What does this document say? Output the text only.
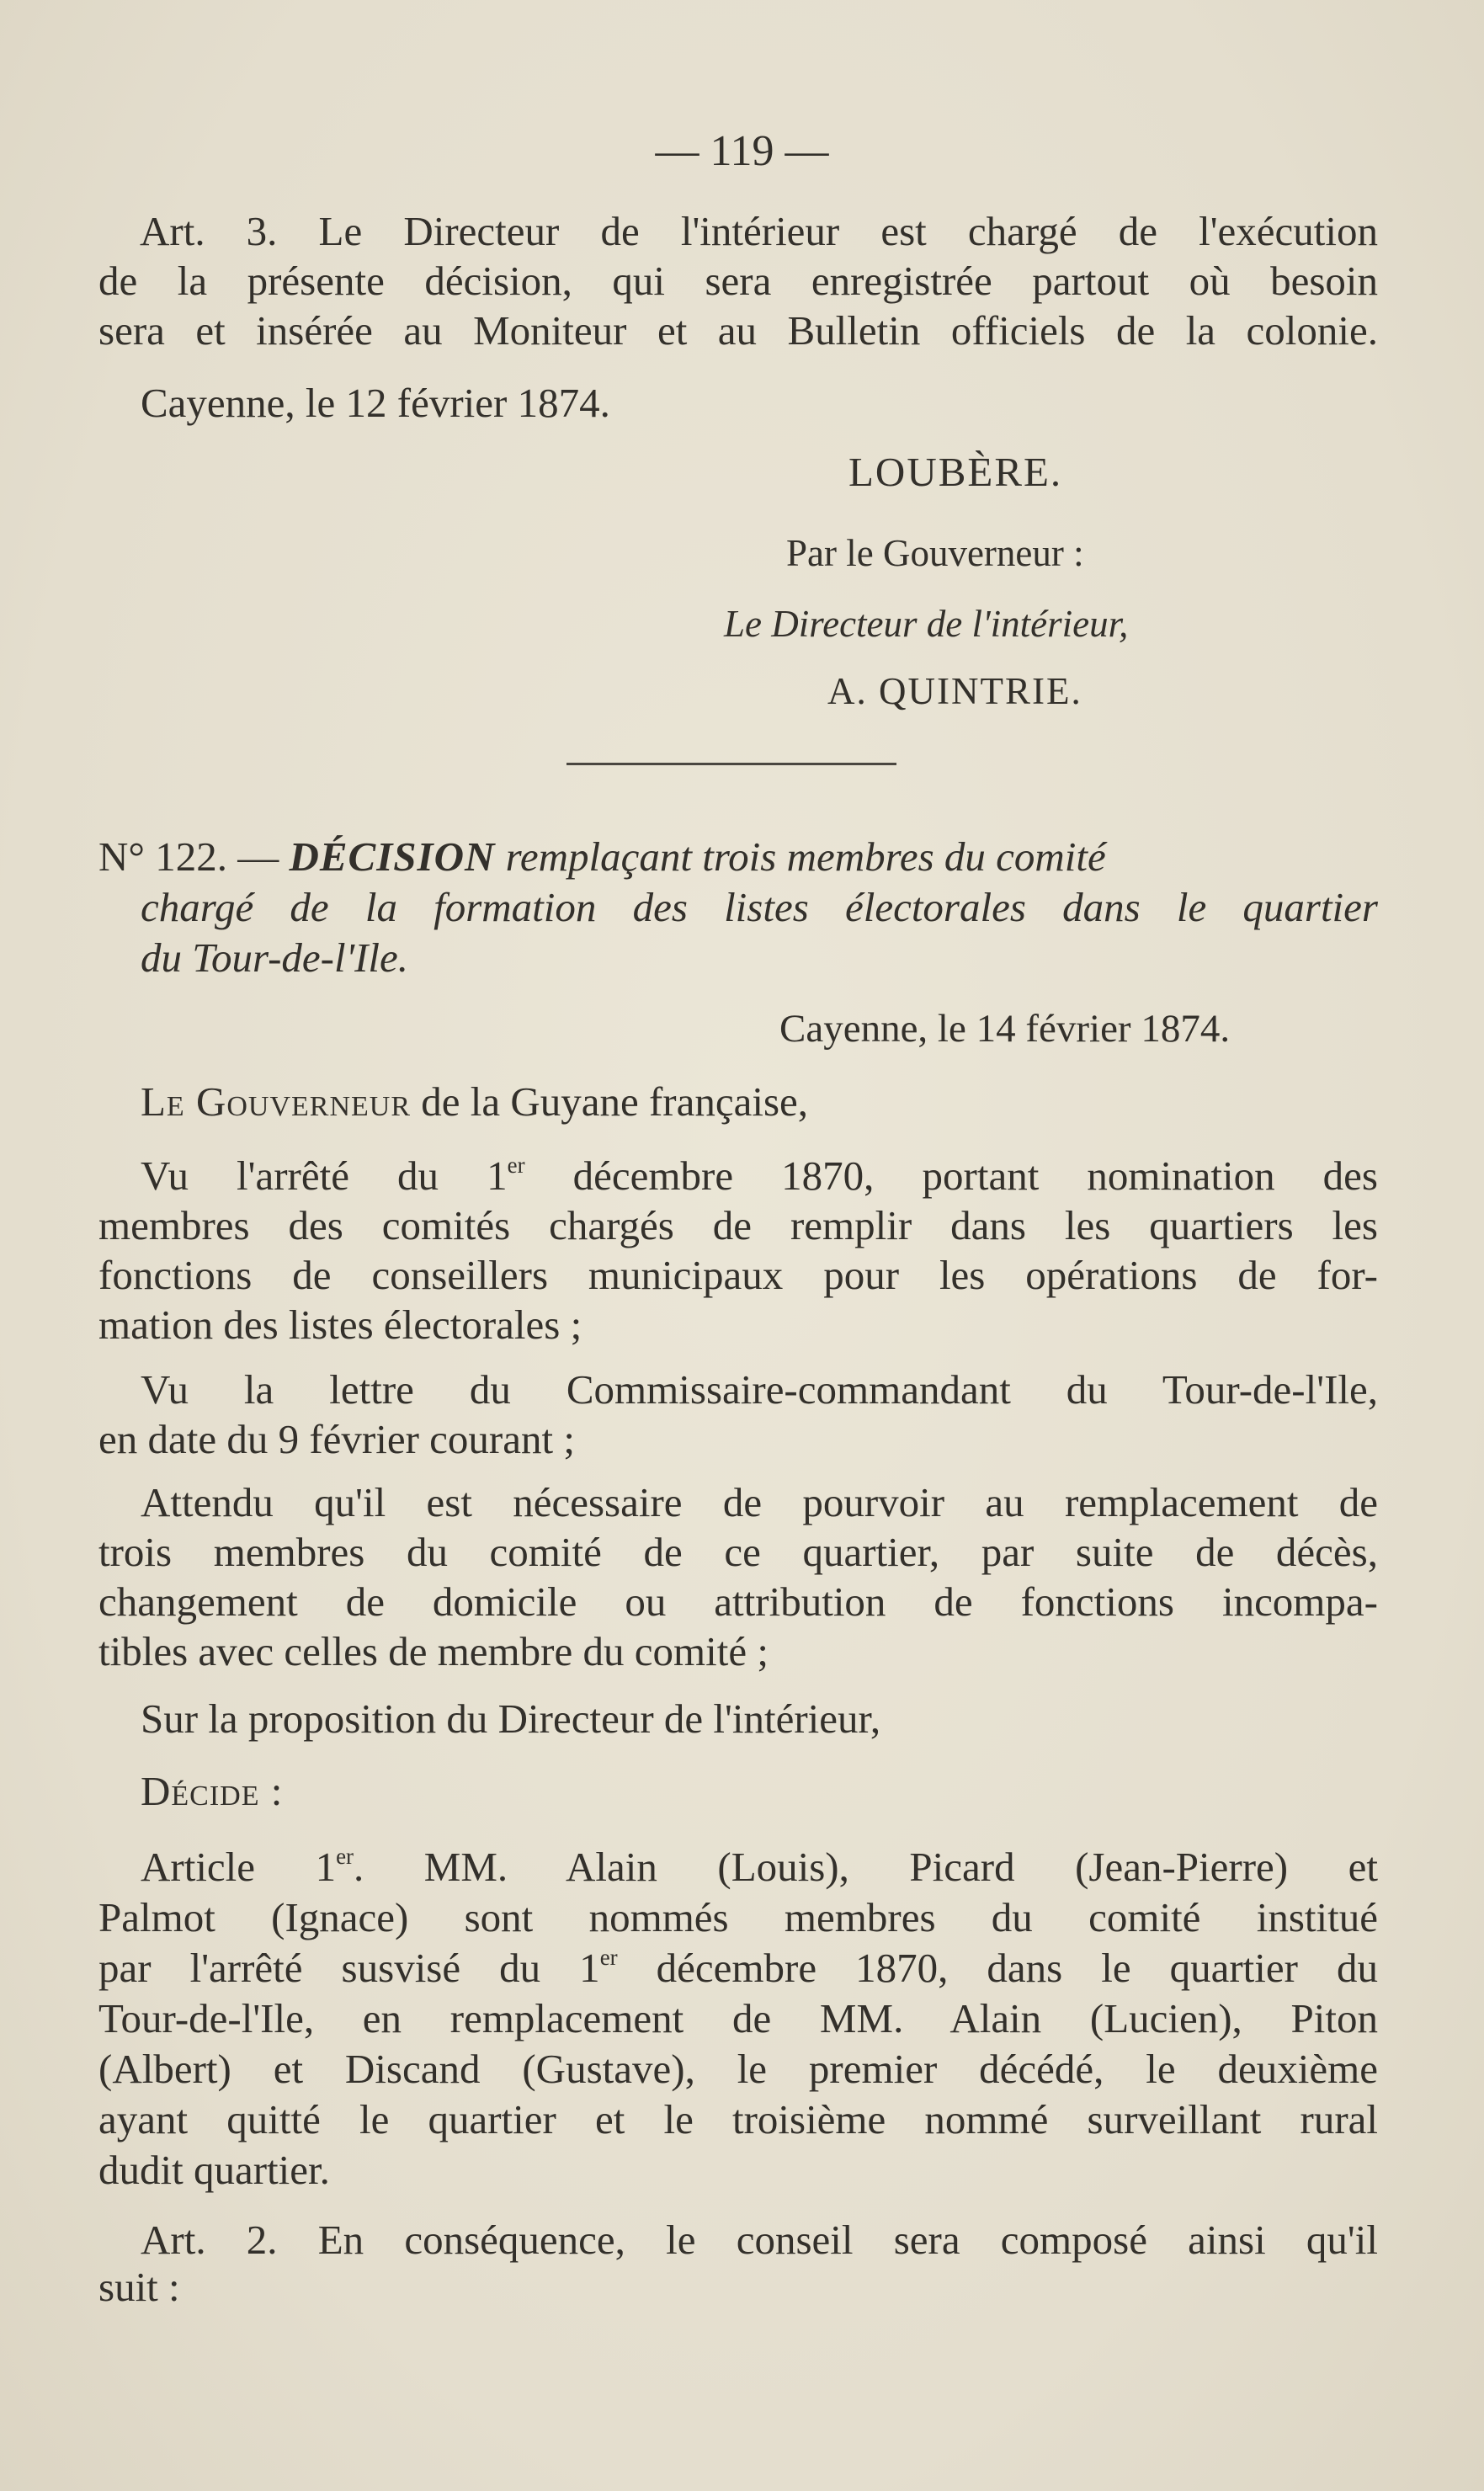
— 119 —
Art. 3. Le Directeur de l'intérieur est chargé de l'exécution
de la présente décision, qui sera enregistrée partout où besoin
sera et insérée au Moniteur et au Bulletin officiels de la colonie.
Cayenne, le 12 février 1874.
LOUBÈRE.
Par le Gouverneur :
Le Directeur de l'intérieur,
A. QUINTRIE.
N° 122. — DÉCISION remplaçant trois membres du comité
chargé de la formation des listes électorales dans le quartier
du Tour-de-l'Ile.
Cayenne, le 14 février 1874.
Le Gouverneur de la Guyane française,
Vu l'arrêté du 1er décembre 1870, portant nomination des
membres des comités chargés de remplir dans les quartiers les
fonctions de conseillers municipaux pour les opérations de for-
mation des listes électorales ;
Vu la lettre du Commissaire-commandant du Tour-de-l'Ile,
en date du 9 février courant ;
Attendu qu'il est nécessaire de pourvoir au remplacement de
trois membres du comité de ce quartier, par suite de décès,
changement de domicile ou attribution de fonctions incompa-
tibles avec celles de membre du comité ;
Sur la proposition du Directeur de l'intérieur,
Décide :
Article 1er. MM. Alain (Louis), Picard (Jean-Pierre) et
Palmot (Ignace) sont nommés membres du comité institué
par l'arrêté susvisé du 1er décembre 1870, dans le quartier du
Tour-de-l'Ile, en remplacement de MM. Alain (Lucien), Piton
(Albert) et Discand (Gustave), le premier décédé, le deuxième
ayant quitté le quartier et le troisième nommé surveillant rural
dudit quartier.
Art. 2. En conséquence, le conseil sera composé ainsi qu'il
suit :
